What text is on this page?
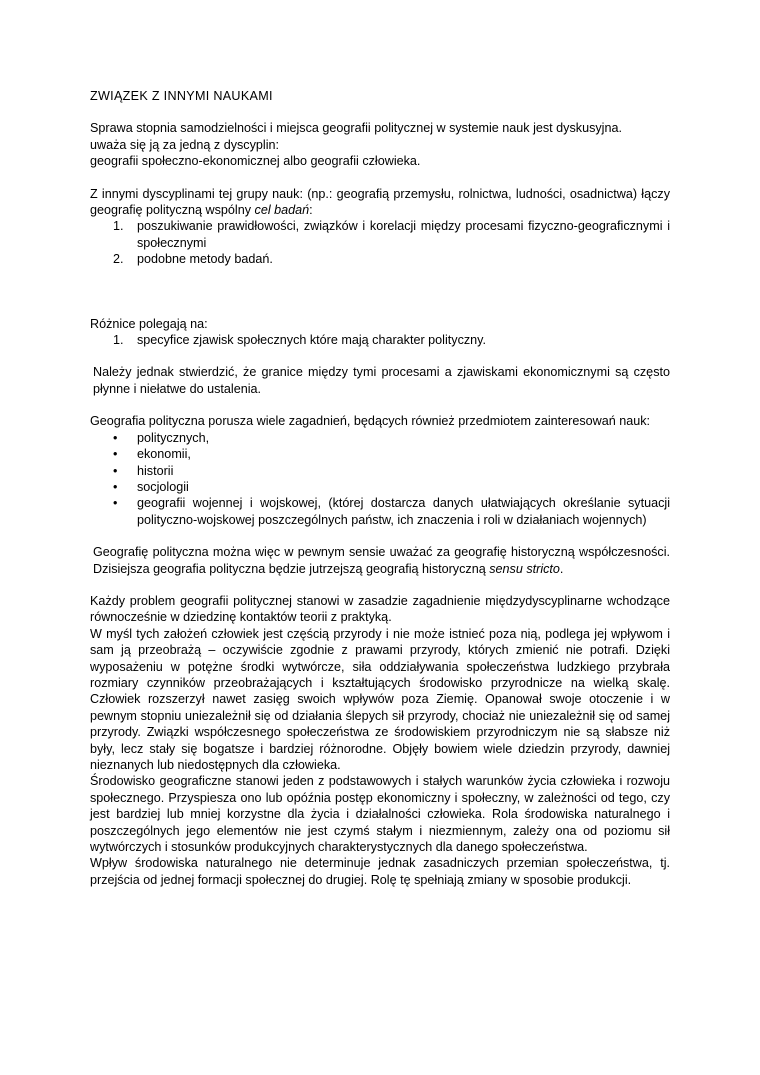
ZWIĄZEK Z INNYMI NAUKAMI

Sprawa stopnia samodzielności i miejsca geografii politycznej w systemie nauk jest dyskusyjna.

uważa się ją za jedną z dyscyplin:

geografii społeczno-ekonomicznej albo geografii człowieka.

Z innymi dyscyplinami tej grupy nauk: (np.: geografią przemysłu, rolnictwa, ludności, osadnictwa) łączy geografię polityczną wspólny cel badań:

1. poszukiwanie prawidłowości, związków i korelacji między procesami fizyczno-geograficznymi i społecznymi
2. podobne metody badań.

Różnice polegają na:

1. specyfice zjawisk społecznych które mają charakter polityczny.

Należy jednak stwierdzić, że granice między tymi procesami a zjawiskami ekonomicznymi są często płynne i niełatwe do ustalenia.

Geografia polityczna porusza wiele zagadnień, będących również przedmiotem zainteresowań nauk:

• politycznych,
• ekonomii,
• historii
• socjologii
• geografii wojennej i wojskowej, (której dostarcza danych ułatwiających określanie sytuacji polityczno-wojskowej poszczególnych państw, ich znaczenia i roli w działaniach wojennych)

Geografię polityczna można więc w pewnym sensie uważać za geografię historyczną współczesności. Dzisiejsza geografia polityczna będzie jutrzejszą geografią historyczną sensu stricto.

Każdy problem geografii politycznej stanowi w zasadzie zagadnienie międzydyscyplinarne wchodzące równocześnie w dziedzinę kontaktów teorii z praktyką.

W myśl tych założeń człowiek jest częścią przyrody i nie może istnieć poza nią, podlega jej wpływom i sam ją przeobrażą – oczywiście zgodnie z prawami przyrody, których zmienić nie potrafi. Dzięki wyposażeniu w potężne środki wytwórcze, siła oddziaływania społeczeństwa ludzkiego przybrała rozmiary czynników przeobrażających i kształtujących środowisko przyrodnicze na wielką skalę. Człowiek rozszerzył nawet zasięg swoich wpływów poza Ziemię. Opanował swoje otoczenie i w pewnym stopniu uniezależnił się od działania ślepych sił przyrody, chociaż nie uniezależnił się od samej przyrody. Związki współczesnego społeczeństwa ze środowiskiem przyrodniczym nie są słabsze niż były, lecz stały się bogatsze i bardziej różnorodne. Objęły bowiem wiele dziedzin przyrody, dawniej nieznanych lub niedostępnych dla człowieka.

Środowisko geograficzne stanowi jeden z podstawowych i stałych warunków życia człowieka i rozwoju społecznego. Przyspiesza ono lub opóźnia postęp ekonomiczny i społeczny, w zależności od tego, czy jest bardziej lub mniej korzystne dla życia i działalności człowieka. Rola środowiska naturalnego i poszczególnych jego elementów nie jest czymś stałym i niezmiennym, zależy ona od poziomu sił wytwórczych i stosunków produkcyjnych charakterystycznych dla danego społeczeństwa.

Wpływ środowiska naturalnego nie determinuje jednak zasadniczych przemian społeczeństwa, tj. przejścia od jednej formacji społecznej do drugiej. Rolę tę spełniają zmiany w sposobie produkcji.
